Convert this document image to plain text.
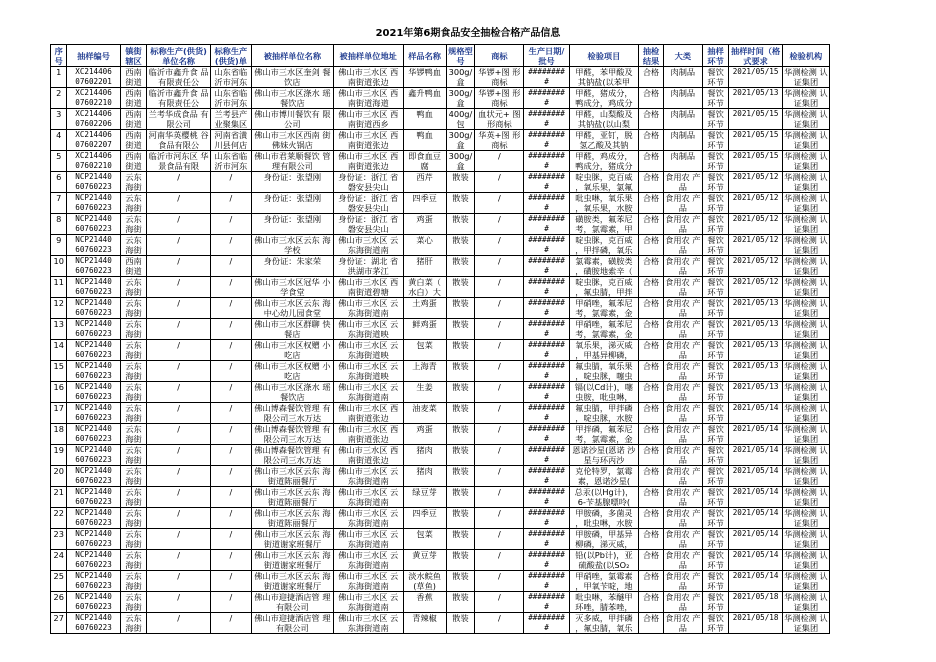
2021年第6期食品安全抽检合格产品信息
序号	抽样编号	镇街辖区	标称生产(供货)单位名称	标称生产(供货)单	被抽样单位名称	被抽样单位地址	样品名称	规格型号	商标	生产日期/批号	检验项目	抽检结果	大类	抽样环节	抽样时间（格式要求	检验机构

1	XC214406 07602201	西南 街道	临沂市鑫升食 品有限责任公	山东省临 沂市河东	佛山市三水区奎剑 餐饮店	佛山市三水区 西南街道张边	华锣鸭血	300g/ 盒	华锣+图 形商标	######## #	甲醛，苯甲酸及 其钠盐(以苯甲	合格	肉制品	餐饮 环节	2021/05/15	华测检测 认证集团

2	XC214406 07602210	西南 街道	临沂市鑫升食 品有限责任公	山东省临 沂市河东	佛山市三水区涤水 瑶餐饮店	佛山市三水区 西南街道海道	鑫升鸭血	300g/ 盒	华锣+图 形商标	######## #	甲醛，猪成分， 鸭成分，鸡成分	合格	肉制品	餐饮 环节	2021/05/13	华测检测 认证集团

3	XC214406 07602206	西南 街道	兰考华成食品 有限公司	兰考县产 业聚集区	佛山市博川餐饮有 限公司	佛山市三水区 西南街道西乡	鸭血	400g/ 包	血状元+ 图形商标	######## #	甲醛，山梨酸及 其钠盐(以山梨	合格	肉制品	餐饮 环节	2021/05/15	华测检测 认证集团

4	XC214406 07602207	西南 街道	河南华英樱桃 谷食品有限公	河南省潢 川县何店	佛山市三水区西南 街佛妹火锅店	佛山市三水区 西南街道张边	鸭血	300g/ 盒	华英+图 形商标	######## #	甲醛，亚钉，脱 氢乙酸及其钠	合格	肉制品	餐饮 环节	2021/05/15	华测检测 认证集团

5	XC214406 07602210	西南 街道	临沂市河东区 华景食品有限	山东省临 沂市河东	佛山市君莱顺餐饮 管理有限公司	佛山市三水区 西南街道张边	即食血豆 腐	300g/ 盒	/	######## #	甲醛，鸡成分， 鸭成分，猪成分	合格	肉制品	餐饮 环节	2021/05/15	华测检测 认证集团

6	NCP21440 60760223	云东 海街	/	/	身份证：张望刚	身份证：浙江 省磐安县尖山	西芹	散装	/	######## #	啶虫脒，克百威 ，氧乐果，氯氟	合格	食用农 产品	餐饮 环节	2021/05/12	华测检测 认证集团

7	NCP21440 60760223	云东 海街	/	/	身份证：张望刚	身份证：浙江 省磐安县尖山	四季豆	散装	/	######## #	吡虫啉，氧乐果 ，氧乐果，水胺	合格	食用农 产品	餐饮 环节	2021/05/12	华测检测 认证集团

8	NCP21440 60760223	云东 海街	/	/	身份证：张望刚	身份证：浙江 省磐安县尖山	鸡蛋	散装	/	######## #	磺胺类，氟苯尼 考，氯霉素，甲	合格	食用农 产品	餐饮 环节	2021/05/12	华测检测 认证集团

9	NCP21440 60760223	云东 海街	/	/	佛山市三水区云东 海学校	佛山市三水区 云东海街道南	菜心	散装	/	######## #	啶虫脒，克百威 ，甲拌磷，氧乐	合格	食用农 产品	餐饮 环节	2021/05/12	华测检测 认证集团

10	NCP21440 60760223	西南 街道	/	/	身份证：朱家荣	身份证：湖北 省洪湖市茅江	猪肝	散装	/	######## #	氯霉素，磺胺类 ，磺胺地索辛（	合格	食用农 产品	餐饮 环节	2021/05/12	华测检测 认证集团

11	NCP21440 60760223	云东 海街	/	/	佛山市三水区冠华 小学食堂	佛山市三水区 西南街道碧塘	黄白菜（ 水白）大	散装	/	######## #	啶虫脒，克百威 ，氟虫腈，甲拌	合格	食用农 产品	餐饮 环节	2021/05/12	华测检测 认证集团

12	NCP21440 60760223	云东 海街	/	/	佛山市三水区云东 海中心幼儿园食堂	佛山市三水区 云东海街道南	土鸡蛋	散装	/	######## #	甲硝唑，氟苯尼 考，氯霉素，金	合格	食用农 产品	餐饮 环节	2021/05/13	华测检测 认证集团

13	NCP21440 60760223	云东 海街	/	/	佛山市三水区群聊 快餐店	佛山市三水区 云东海街道映	鲜鸡蛋	散装	/	######## #	甲硝唑，氟苯尼 考，氯霉素，金	合格	食用农 产品	餐饮 环节	2021/05/13	华测检测 认证集团

14	NCP21440 60760223	云东 海街	/	/	佛山市三水区权赠 小吃店	佛山市三水区 云东海街道映	包菜	散装	/	######## #	氧乐果，涕灭威 ，甲基异柳磷，	合格	食用农 产品	餐饮 环节	2021/05/13	华测检测 认证集团

15	NCP21440 60760223	云东 海街	/	/	佛山市三水区权赠 小吃店	佛山市三水区 云东海街道映	上海青	散装	/	######## #	氟虫腈，氧乐果 ，啶虫脒，噻虫	合格	食用农 产品	餐饮 环节	2021/05/13	华测检测 认证集团

16	NCP21440 60760223	云东 海街	/	/	佛山市三水区涤水 瑶餐饮店	佛山市三水区 云东海街道南	生姜	散装	/	######## #	镉(以Cd计)，噻 虫胺，吡虫啉，	合格	食用农 产品	餐饮 环节	2021/05/13	华测检测 认证集团

17	NCP21440 60760223	云东 海街	/	/	佛山博森餐饮管理 有限公司三水万达	佛山市三水区 西南街道张边	油麦菜	散装	/	######## #	氟虫腈，甲拌磷 ，啶虫脒，水胺	合格	食用农 产品	餐饮 环节	2021/05/14	华测检测 认证集团

18	NCP21440 60760223	云东 海街	/	/	佛山博森餐饮管理 有限公司三水万达	佛山市三水区 西南街道张边	鸡蛋	散装	/	######## #	甲拌磷，氟苯尼 考，氯霉素，金	合格	食用农 产品	餐饮 环节	2021/05/14	华测检测 认证集团

19	NCP21440 60760223	云东 海街	/	/	佛山博森餐饮管理 有限公司三水万达	佛山市三水区 西南街道张边	猪肉	散装	/	######## #	恩诺沙星(恩诺 沙星与环丙沙	合格	食用农 产品	餐饮 环节	2021/05/14	华测检测 认证集团

20	NCP21440 60760223	云东 海街	/	/	佛山市三水区云东 海街道陈丽餐厅	佛山市三水区 云东海街道南	猪肉	散装	/	######## #	克伦特罗，氯霉 素，恩诺沙星(	合格	食用农 产品	餐饮 环节	2021/05/14	华测检测 认证集团

21	NCP21440 60760223	云东 海街	/	/	佛山市三水区云东 海街道陈丽餐厅	佛山市三水区 云东海街道南	绿豆芽	散装	/	######## #	总汞(以Hg计)， 6-苄基腺嘌呤(	合格	食用农 产品	餐饮 环节	2021/05/14	华测检测 认证集团

22	NCP21440 60760223	云东 海街	/	/	佛山市三水区云东 海街道陈丽餐厅	佛山市三水区 云东海街道南	四季豆	散装	/	######## #	甲胺磷，多菌灵 ，吡虫啉，水胺	合格	食用农 产品	餐饮 环节	2021/05/14	华测检测 认证集团

23	NCP21440 60760223	云东 海街	/	/	佛山市三水区云东 海街道谢家班餐厅	佛山市三水区 云东海街道南	包菜	散装	/	######## #	甲胺磷，甲基异 柳磷，涕灭威，	合格	食用农 产品	餐饮 环节	2021/05/14	华测检测 认证集团

24	NCP21440 60760223	云东 海街	/	/	佛山市三水区云东 海街道谢家班餐厅	佛山市三水区 云东海街道南	黄豆芽	散装	/	######## #	铅(以Pb计)，亚 硫酸盐(以SO₂	合格	食用农 产品	餐饮 环节	2021/05/14	华测检测 认证集团

25	NCP21440 60760223	云东 海街	/	/	佛山市三水区云东 海街道谢家班餐厅	佛山市三水区 云东海街道南	淡水鲩鱼 (草鱼)	散装	/	######## #	甲硝唑，氯霉素 ，甲氧苄啶，地	合格	食用农 产品	餐饮 环节	2021/05/14	华测检测 认证集团

26	NCP21440 60760223	云东 海街	/	/	佛山市迎捷酒店管 理有限公司	佛山市三水区 云东海街道南	香蕉	散装	/	######## #	吡虫啉，苯醚甲 环唑，腈苯唑，	合格	食用农 产品	餐饮 环节	2021/05/18	华测检测 认证集团

27	NCP21440 60760223	云东 海街	/	/	佛山市迎捷酒店管 理有限公司	佛山市三水区 云东海街道南	青辣椒	散装	/	######## #	灭多威，甲拌磷 ，氟虫腈，氧乐	合格	食用农 产品	餐饮 环节	2021/05/18	华测检测 认证集团
